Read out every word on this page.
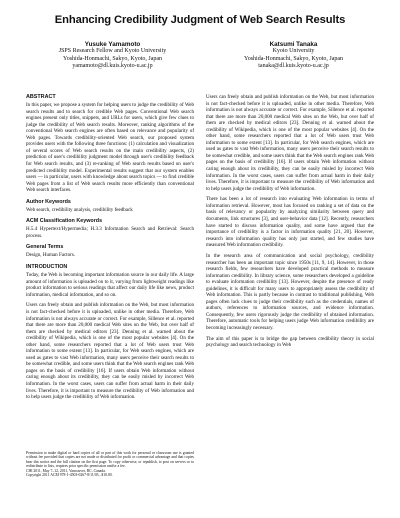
Enhancing Credibility Judgment of Web Search Results
Yusuke Yamamoto
JSPS Research Fellow and Kyoto University
Yoshida-Honmachi, Sakyo, Kyoto, Japan
yamamoto@dl.kuis.kyoto-u.ac.jp
Katsumi Tanaka
Kyoto University
Yoshida-Honmachi, Sakyo, Kyoto, Japan
tanaka@dl.kuis.kyoto-u.ac.jp
ABSTRACT

In this paper, we propose a system for helping users to judge the credibility of Web search results and to search for credible Web pages. Conventional Web search engines present only titles, snippets, and URLs for users, which give few clues to judge the credibility of Web search results. Moreover, ranking algorithms of the conventional Web search engines are often based on relevance and popularity of Web pages. Towards credibility-oriented Web search, our proposed system provides users with the following three functions: (1) calculation and visualization of several scores of Web search results on the main credibility aspects, (2) prediction of user's credibility judgment model through user's credibility feedback for Web search results, and (3) re-ranking of Web search results based on user's predicted credibility model. Experimental results suggest that our system enables users — in particular, users with knowledge about search topics — to find credible Web pages from a list of Web search results more efficiently than conventional Web search interfaces.

Author Keywords

Web search, credibility analysis, credibility feedback

ACM Classification Keywords

H.5.4 Hypertext/Hypermedia; H.3.3 Information Search and Retrieval: Search process.

General Terms

Design, Human Factors.

INTRODUCTION

Today, the Web is becoming important information source in our daily life. A large amount of information is uploaded on to it, varying from lightweight readings like product information to serious readings that affect our daily life like news, product information, medical information, and so on.

Users can freely obtain and publish information on the Web, but most information is not fact-checked before it is uploaded, unlike in other media. Therefore, Web information is not always accurate or correct. For example, Sillence et al. reported that there are more than 20,000 medical Web sites on the Web, but over half of them are checked by medical editors [23]. Denning et al. warned about the credibility of Wikipedia, which is one of the most popular websites [4]. On the other hand, some researchers reported that a lot of Web users trust Web information to some extent [13]. In particular, for Web search engines, which are used as gates to vast Web information, many users perceive their search results to be somewhat credible, and some users think that the Web search engines rank Web pages on the basis of credibility [16]. If users obtain Web information without caring enough about its credibility, they can be easily misled by incorrect Web information. In the worst cases, users can suffer from actual harm in their daily lives. Therefore, it is important to measure the credibility of Web information and to help users judge the credibility of Web information.

Permission to make digital or hard copies of all or part of this work for personal or classroom use is granted without fee provided that copies are not made or distributed for profit or commercial advantage and that copies bear this notice and the full citation on the first page. To copy otherwise, or republish, to post on servers or to redistribute to lists, requires prior specific permission and/or a fee.

CHI 2011, May 7–12, 2011, Vancouver, BC, Canada.

Copyright 2011 ACM 978-1-4503-0267-8/11/05...$10.00.

Users can freely obtain and publish information on the Web, but most information is not fact-checked before it is uploaded, unlike in other media. Therefore, Web information is not always accurate or correct. For example, Sillence et al. reported that there are more than 20,000 medical Web sites on the Web, but over half of them are checked by medical editors [23]. Denning et al. warned about the credibility of Wikipedia, which is one of the most popular websites [4]. On the other hand, some researchers reported that a lot of Web users trust Web information to some extent [13]. In particular, for Web search engines, which are used as gates to vast Web information, many users perceive their search results to be somewhat credible, and some users think that the Web search engines rank Web pages on the basis of credibility [16]. If users obtain Web information without caring enough about its credibility, they can be easily misled by incorrect Web information. In the worst cases, users can suffer from actual harm in their daily lives. Therefore, it is important to measure the credibility of Web information and to help users judge the credibility of Web information.

There has been a lot of research into evaluating Web information in terms of information retrieval. However, most has focused on ranking a set of data on the basis of relevancy or popularity by analyzing similarity between query and documents, link structures [3], and user-behavior data [12]. Recently, researchers have started to discuss information quality, and some have argued that the importance of credibility is a factor in information quality [21, 20]. However, research into information quality has only just started, and few studies have measured Web information credibility.

In the research area of communication and social psychology, credibility researcher has been an important topic since 1950s [11, 9, 14]. However, in those research fields, few researchers have developed practical methods to measure information credibility. In library science, some researchers developed a guideline to evaluate information credibility [13]. However, despite the presence of ready guidelines, it is difficult for many users to appropriately assess the credibility of Web information. This is partly because in contrast to traditional publishing, Web pages often lack clues to judge their credibility such as the credentials, names of authors, references to information sources, and evidence information. Consequently, few users rigorously judge the credibility of obtained information. Therefore, automatic tools for helping users judge Web information credibility are becoming increasingly necessary.

The aim of this paper is to bridge the gap between credibility theory in social psychology and search technology in Web
